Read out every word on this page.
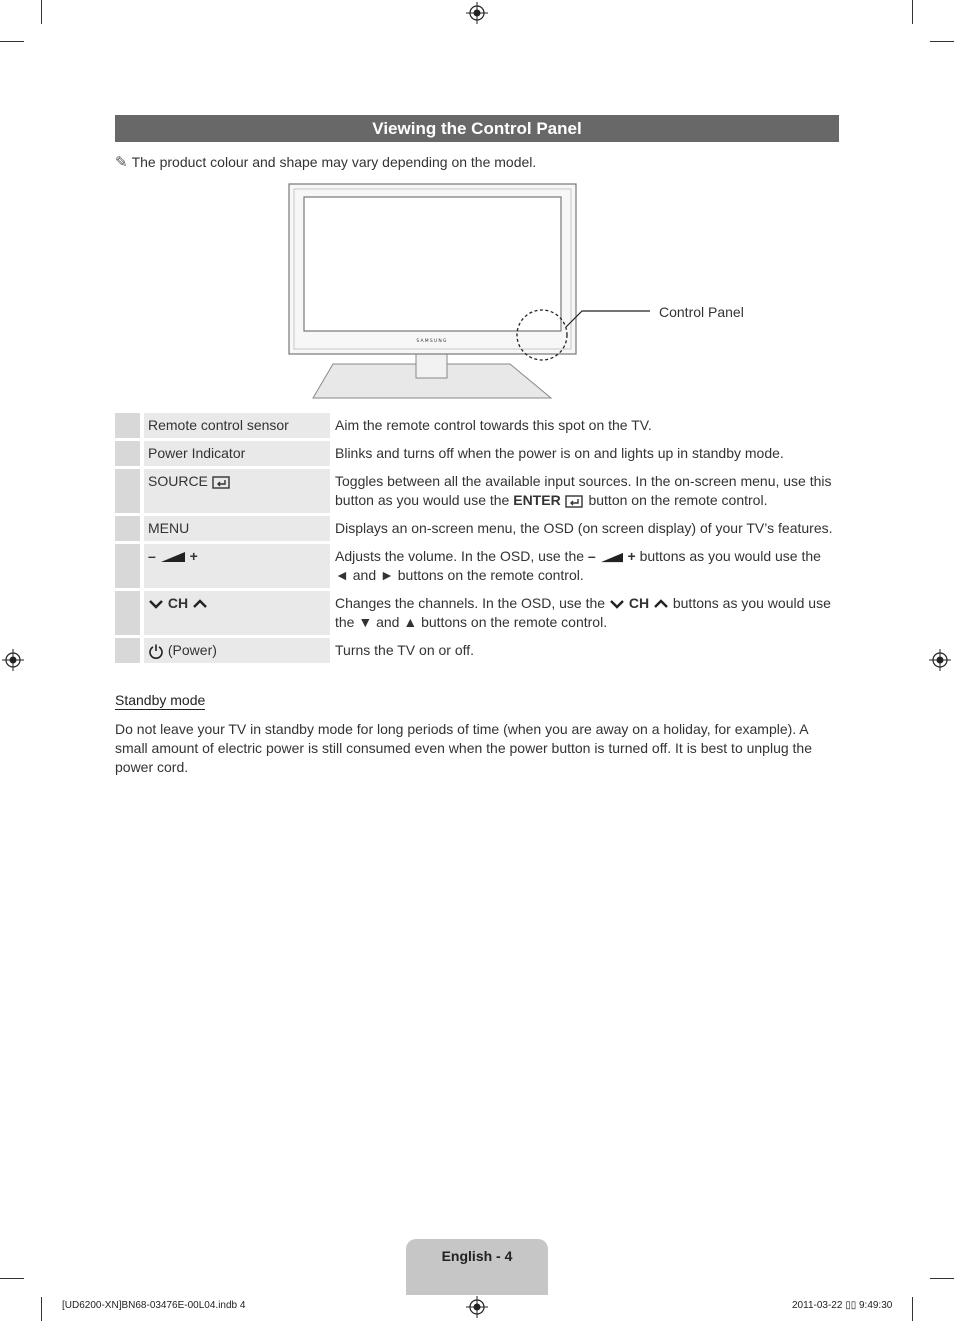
Viewing the Control Panel
✎ The product colour and shape may vary depending on the model.
SAMSUNG
Control Panel
	Remote control sensor	Aim the remote control towards this spot on the TV.
	Power Indicator	Blinks and turns off when the power is on and lights up in standby mode.
	SOURCE	Toggles between all the available input sources. In the on-screen menu, use this button as you would use the ENTER  button on the remote control.
	MENU	Displays an on-screen menu, the OSD (on screen display) of your TV’s features.
	– +	Adjusts the volume. In the OSD, use the – + buttons as you would use the ◄ and ► buttons on the remote control.
	CH	Changes the channels. In the OSD, use the  CH  buttons as you would use the ▼ and ▲ buttons on the remote control.
	(Power)	Turns the TV on or off.
Standby mode
Do not leave your TV in standby mode for long periods of time (when you are away on a holiday, for example). A small amount of electric power is still consumed even when the power button is turned off. It is best to unplug the power cord.
English - 4
[UD6200-XN]BN68-03476E-00L04.indb 4	2011-03-22 ▯▯ 9:49:30
